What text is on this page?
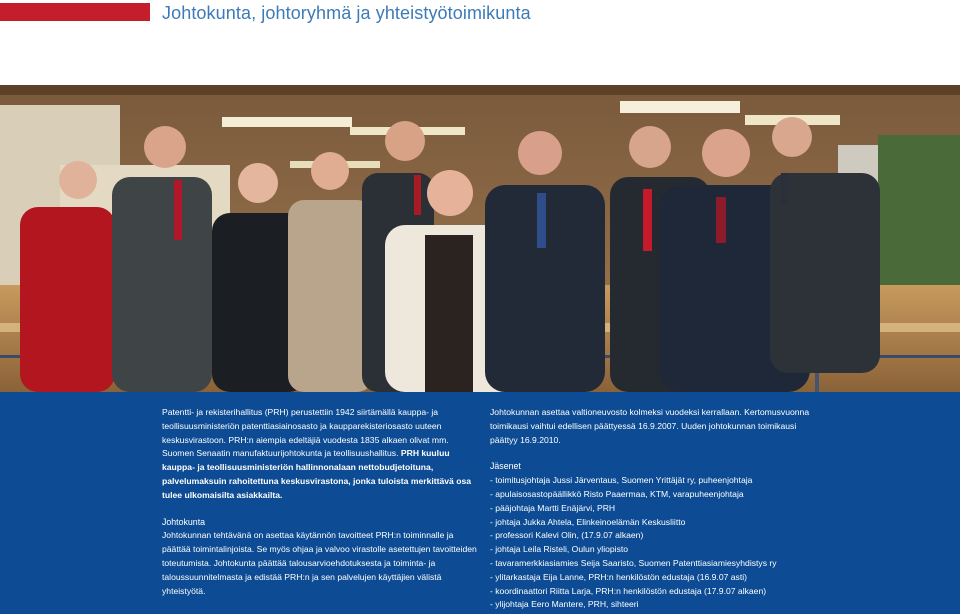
Johtokunta, johtoryhmä ja yhteistyötoimikunta

Patentti- ja rekisterihallitus (PRH) perustettiin 1942 siirtämällä kauppa- ja teollisuusministeriön patenttiasiainosasto ja kaupparekisteriosasto uuteen keskusvirastoon. PRH:n aiempia edeltäjiä vuodesta 1835 alkaen olivat mm. Suomen Senaatin manufaktuurijohtokunta ja teollisuushallitus. PRH kuuluu kauppa- ja teollisuusministeriön hallinnonalaan nettobudjetoituna, palvelumaksuin rahoitettuna keskusvirastona, jonka tuloista merkittävä osa tulee ulkomaisilta asiakkailta.

Johtokunta

Johtokunnan tehtävänä on asettaa käytännön tavoitteet PRH:n toiminnalle ja päättää toimintalinjoista. Se myös ohjaa ja valvoo virastolle asetettujen tavoitteiden toteutumista. Johtokunta päättää talousarvioehdotuksesta ja toiminta- ja taloussuunnitelmasta ja edistää PRH:n ja sen palvelujen käyttäjien välistä yhteistyötä.

Johtokunnan asettaa valtioneuvosto kolmeksi vuodeksi kerrallaan. Kertomusvuonna toimikausi vaihtui edellisen päättyessä 16.9.2007. Uuden johtokunnan toimikausi päättyy 16.9.2010.

Jäsenet
- toimitusjohtaja Jussi Järventaus, Suomen Yrittäjät ry, puheenjohtaja
- apulaisosastopäällikkö Risto Paaermaa, KTM, varapuheenjohtaja
- pääjohtaja Martti Enäjärvi, PRH
- johtaja Jukka Ahtela, Elinkeinoelämän Keskusliitto
- professori Kalevi Olin, (17.9.07 alkaen)
- johtaja Leila Risteli, Oulun yliopisto
- tavaramerkkiasiamies Seija Saaristo, Suomen Patenttiasiamiesyhdistys ry
- ylitarkastaja Eija Lanne, PRH:n henkilöstön edustaja (16.9.07 asti)
- koordinaattori Riitta Larja, PRH:n henkilöstön edustaja (17.9.07 alkaen)
- ylijohtaja Eero Mantere, PRH, sihteeri
